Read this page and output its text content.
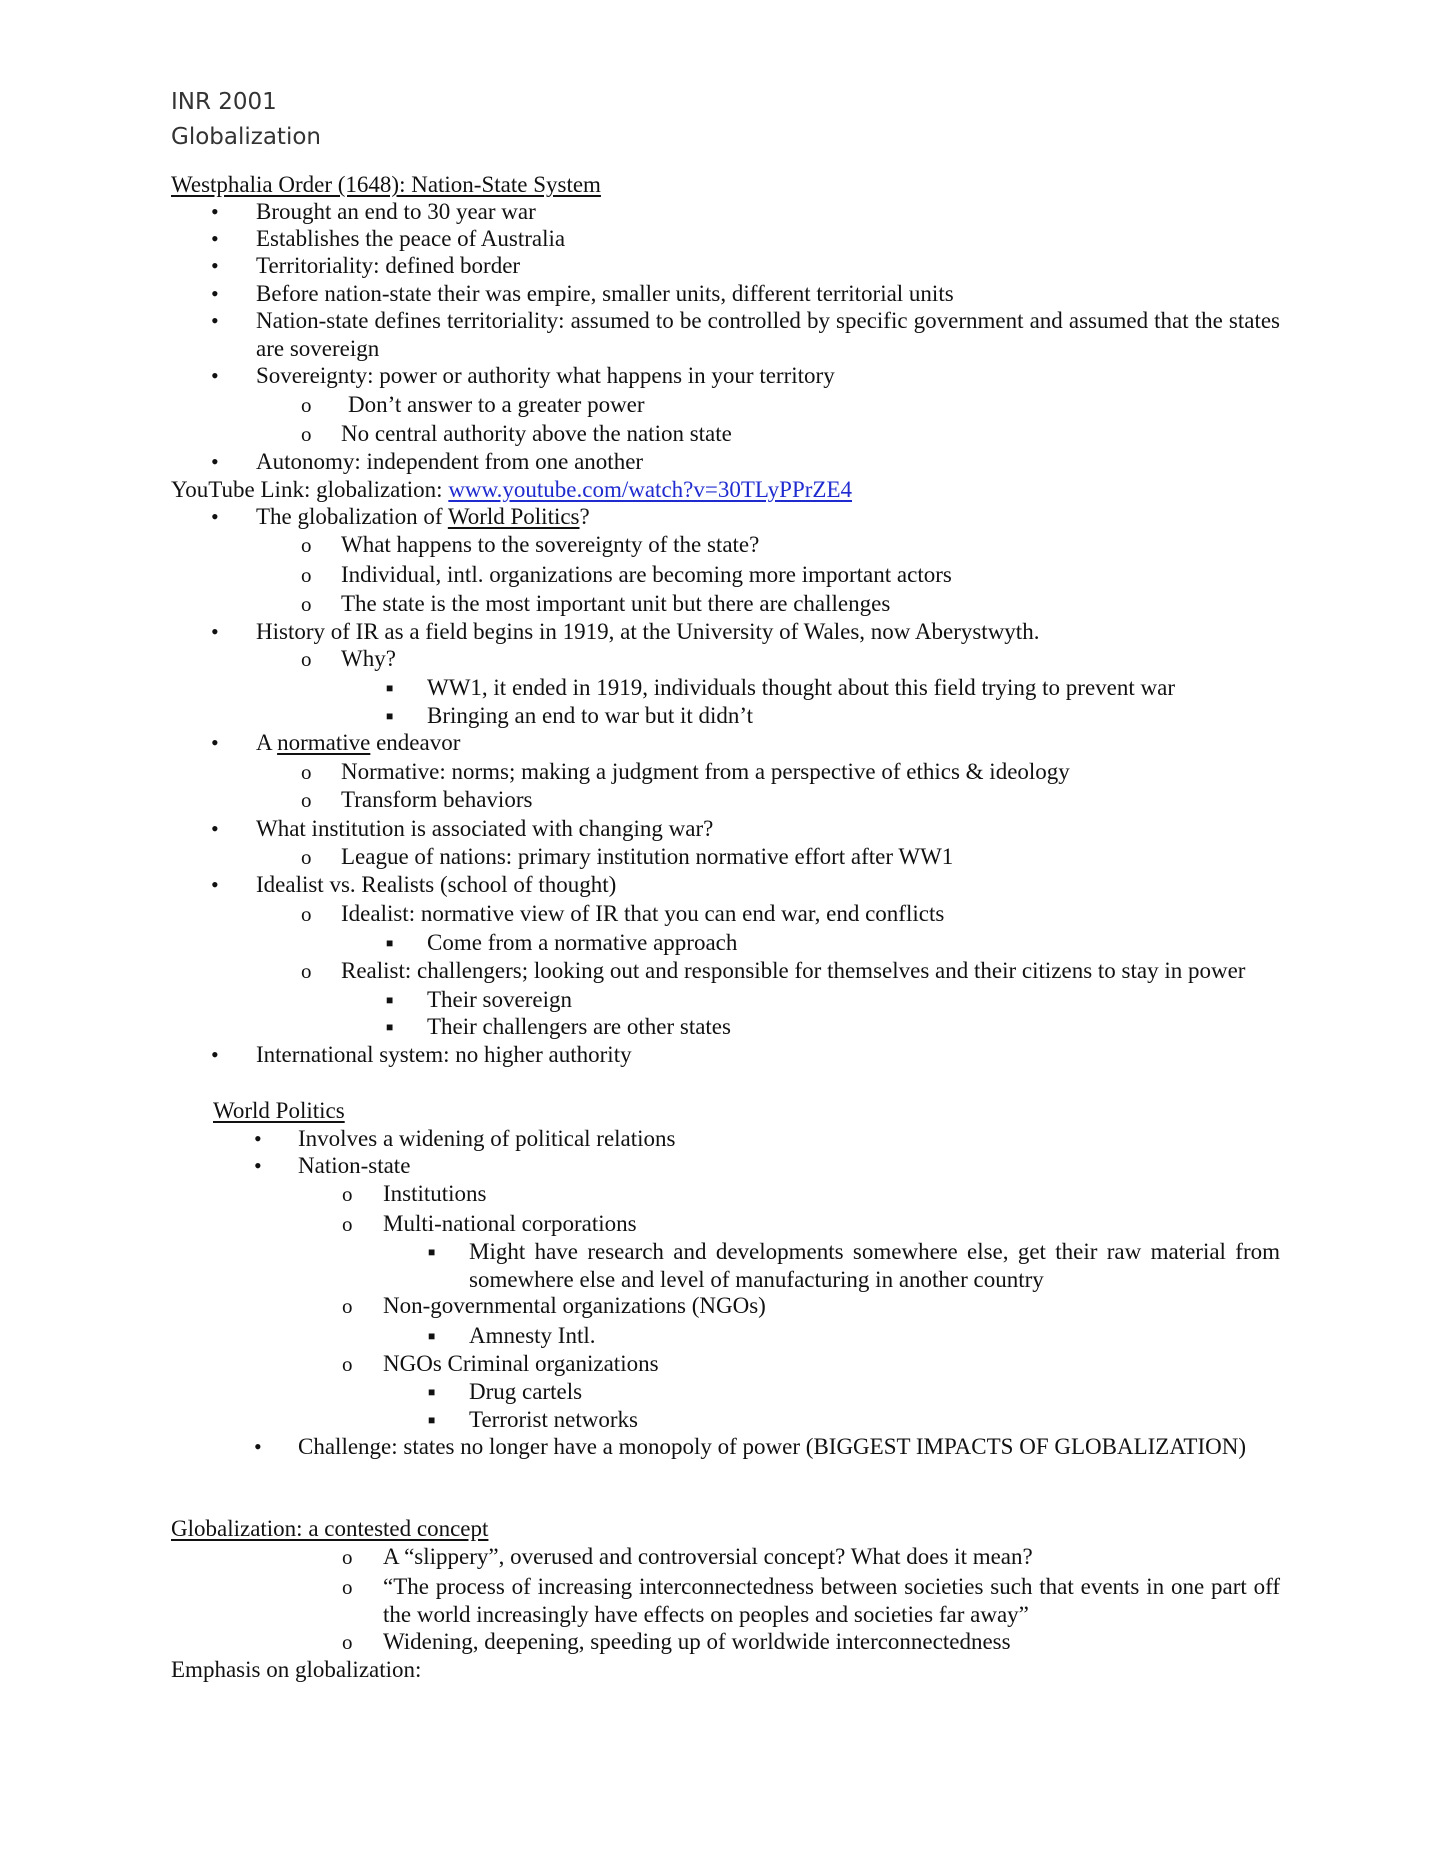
INR 2001
Globalization
Westphalia Order (1648): Nation-State System
• Brought an end to 30 year war
• Establishes the peace of Australia
• Territoriality: defined border
• Before nation-state their was empire, smaller units, different territorial units
• Nation-state defines territoriality: assumed to be controlled by specific government and assumed that the states are sovereign
• Sovereignty: power or authority what happens in your territory
o Don’t answer to a greater power
o No central authority above the nation state
• Autonomy: independent from one another
YouTube Link: globalization: www.youtube.com/watch?v=30TLyPPrZE4
• The globalization of World Politics?
o What happens to the sovereignty of the state?
o Individual, intl. organizations are becoming more important actors
o The state is the most important unit but there are challenges
• History of IR as a field begins in 1919, at the University of Wales, now Aberystwyth.
o Why?
■ WW1, it ended in 1919, individuals thought about this field trying to prevent war
■ Bringing an end to war but it didn’t
• A normative endeavor
o Normative: norms; making a judgment from a perspective of ethics & ideology
o Transform behaviors
• What institution is associated with changing war?
o League of nations: primary institution normative effort after WW1
• Idealist vs. Realists (school of thought)
o Idealist: normative view of IR that you can end war, end conflicts
■ Come from a normative approach
o Realist: challengers; looking out and responsible for themselves and their citizens to stay in power
■ Their sovereign
■ Their challengers are other states
• International system: no higher authority
World Politics
• Involves a widening of political relations
• Nation-state
o Institutions
o Multi-national corporations
■ Might have research and developments somewhere else, get their raw material from somewhere else and level of manufacturing in another country
o Non-governmental organizations (NGOs)
■ Amnesty Intl.
o NGOs Criminal organizations
■ Drug cartels
■ Terrorist networks
• Challenge: states no longer have a monopoly of power (BIGGEST IMPACTS OF GLOBALIZATION)
Globalization: a contested concept
o A “slippery”, overused and controversial concept? What does it mean?
o “The process of increasing interconnectedness between societies such that events in one part off the world increasingly have effects on peoples and societies far away”
o Widening, deepening, speeding up of worldwide interconnectedness
Emphasis on globalization:
